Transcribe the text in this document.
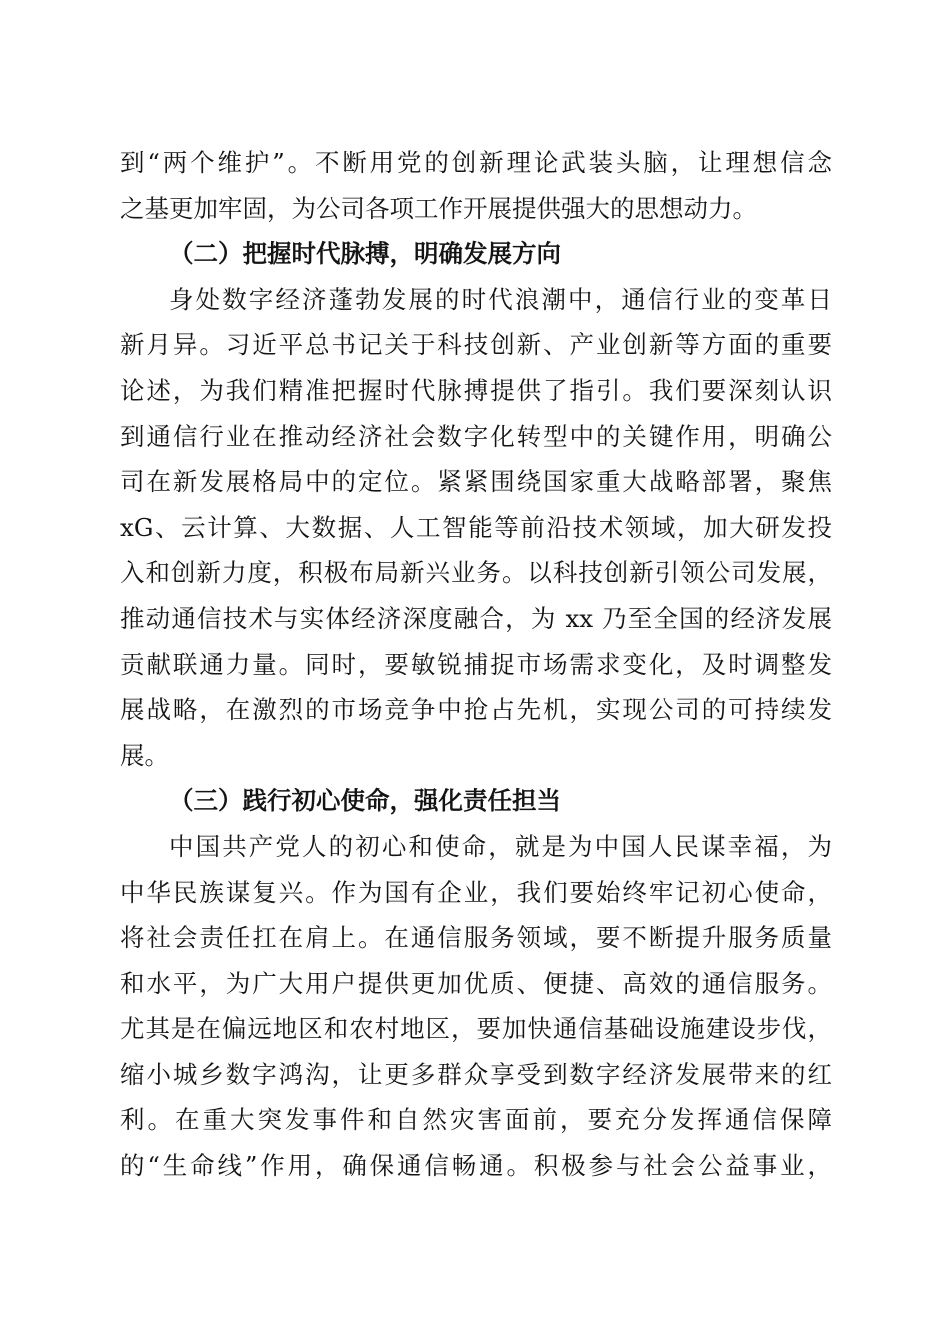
到“两个维护”。不断用党的创新理论武装头脑，让理想信念
之基更加牢固，为公司各项工作开展提供强大的思想动力。
（二）把握时代脉搏，明确发展方向
身处数字经济蓬勃发展的时代浪潮中，通信行业的变革日
新月异。习近平总书记关于科技创新、产业创新等方面的重要
论述，为我们精准把握时代脉搏提供了指引。我们要深刻认识
到通信行业在推动经济社会数字化转型中的关键作用，明确公
司在新发展格局中的定位。紧紧围绕国家重大战略部署，聚焦
xG、云计算、大数据、人工智能等前沿技术领域，加大研发投
入和创新力度，积极布局新兴业务。以科技创新引领公司发展，
推动通信技术与实体经济深度融合，为 xx 乃至全国的经济发展
贡献联通力量。同时，要敏锐捕捉市场需求变化，及时调整发
展战略，在激烈的市场竞争中抢占先机，实现公司的可持续发
展。
（三）践行初心使命，强化责任担当
中国共产党人的初心和使命，就是为中国人民谋幸福，为
中华民族谋复兴。作为国有企业，我们要始终牢记初心使命，
将社会责任扛在肩上。在通信服务领域，要不断提升服务质量
和水平，为广大用户提供更加优质、便捷、高效的通信服务。
尤其是在偏远地区和农村地区，要加快通信基础设施建设步伐，
缩小城乡数字鸿沟，让更多群众享受到数字经济发展带来的红
利。在重大突发事件和自然灾害面前，要充分发挥通信保障
的“生命线”作用，确保通信畅通。积极参与社会公益事业，
